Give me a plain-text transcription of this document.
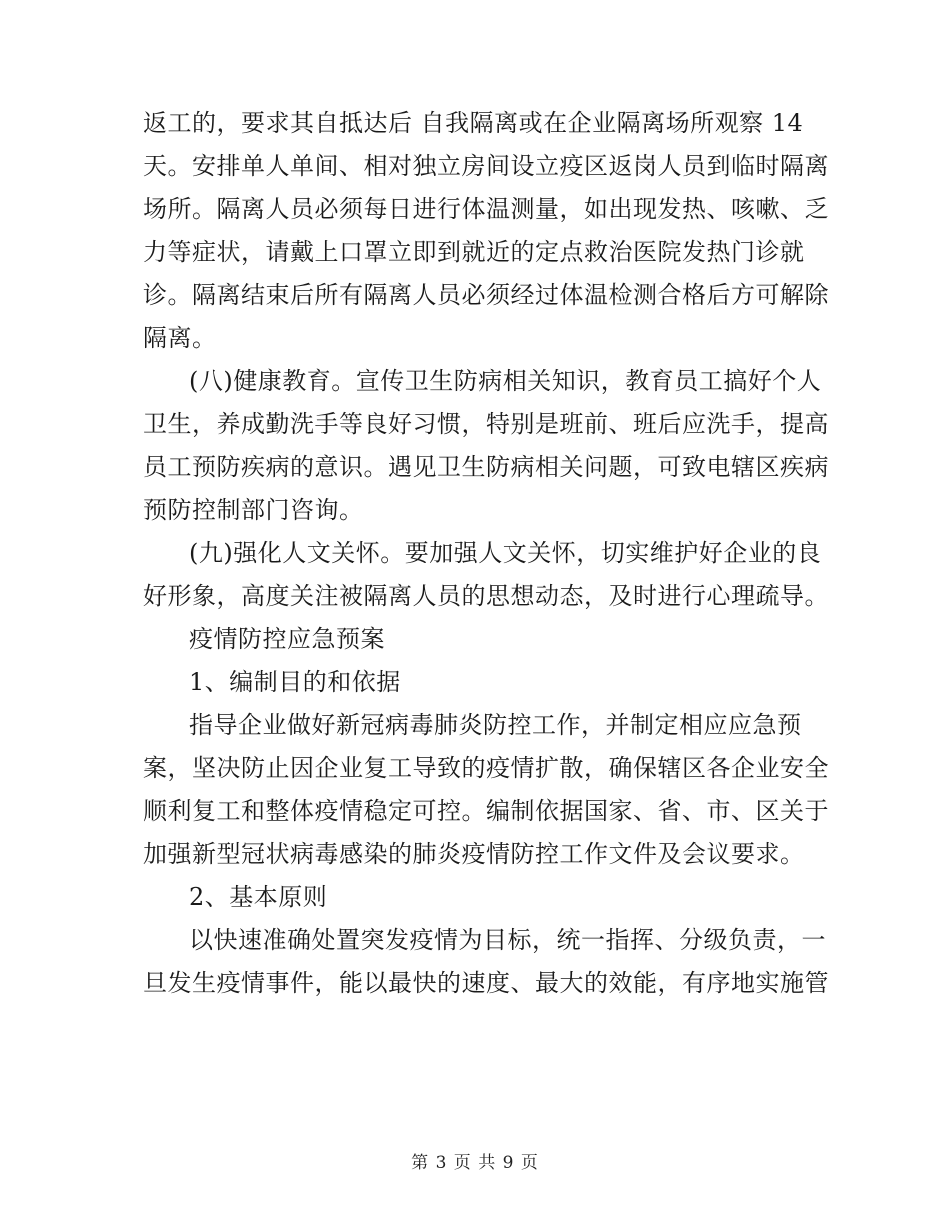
返工的，要求其自抵达后 自我隔离或在企业隔离场所观察 14
天。安排单人单间、相对独立房间设立疫区返岗人员到临时隔离
场所。隔离人员必须每日进行体温测量，如出现发热、咳嗽、乏
力等症状，请戴上口罩立即到就近的定点救治医院发热门诊就
诊。隔离结束后所有隔离人员必须经过体温检测合格后方可解除
隔离。
(八)健康教育。宣传卫生防病相关知识，教育员工搞好个人
卫生，养成勤洗手等良好习惯，特别是班前、班后应洗手，提高
员工预防疾病的意识。遇见卫生防病相关问题，可致电辖区疾病
预防控制部门咨询。
(九)强化人文关怀。要加强人文关怀，切实维护好企业的良
好形象，高度关注被隔离人员的思想动态，及时进行心理疏导。
疫情防控应急预案
1、编制目的和依据
指导企业做好新冠病毒肺炎防控工作，并制定相应应急预
案，坚决防止因企业复工导致的疫情扩散，确保辖区各企业安全
顺利复工和整体疫情稳定可控。编制依据国家、省、市、区关于
加强新型冠状病毒感染的肺炎疫情防控工作文件及会议要求。
2、基本原则
以快速准确处置突发疫情为目标，统一指挥、分级负责，一
旦发生疫情事件，能以最快的速度、最大的效能，有序地实施管
第 3 页 共 9 页
